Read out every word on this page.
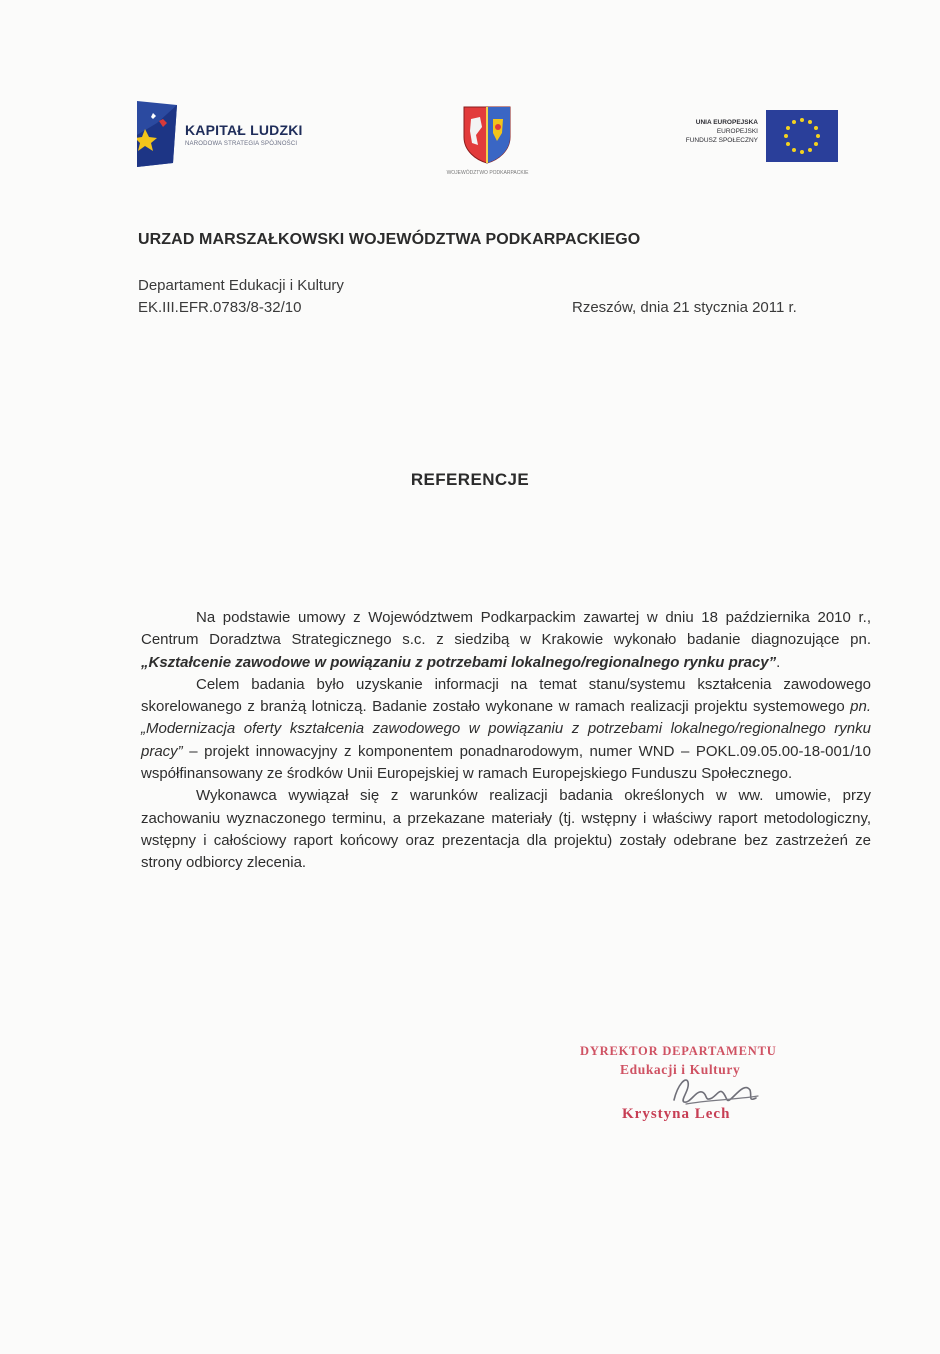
KAPITAŁ LUDZKI
NARODOWA STRATEGIA SPÓJNOŚCI
WOJEWÓDZTWO PODKARPACKIE
UNIA EUROPEJSKA
EUROPEJSKI
FUNDUSZ SPOŁECZNY
URZAD MARSZAŁKOWSKI WOJEWÓDZTWA PODKARPACKIEGO
Departament Edukacji i Kultury
EK.III.EFR.0783/8-32/10	Rzeszów, dnia 21 stycznia 2011 r.
REFERENCJE

Na podstawie umowy z Województwem Podkarpackim zawartej w dniu 18 października 2010 r., Centrum Doradztwa Strategicznego s.c. z siedzibą w Krakowie wykonało badanie diagnozujące pn. „Kształcenie zawodowe w powiązaniu z potrzebami lokalnego/regionalnego rynku pracy”.

Celem badania było uzyskanie informacji na temat stanu/systemu kształcenia zawodowego skorelowanego z branżą lotniczą. Badanie zostało wykonane w ramach realizacji projektu systemowego pn. „Modernizacja oferty kształcenia zawodowego w powiązaniu z potrzebami lokalnego/regionalnego rynku pracy” – projekt innowacyjny z komponentem ponadnarodowym, numer WND – POKL.09.05.00-18-001/10 współfinansowany ze środków Unii Europejskiej w ramach Europejskiego Funduszu Społecznego.

Wykonawca wywiązał się z warunków realizacji badania określonych w ww. umowie, przy zachowaniu wyznaczonego terminu, a przekazane materiały (tj. wstępny i właściwy raport metodologiczny, wstępny i całościowy raport końcowy oraz prezentacja dla projektu) zostały odebrane bez zastrzeżeń ze strony odbiorcy zlecenia.

DYREKTOR DEPARTAMENTU
Edukacji i Kultury
Krystyna Lech
